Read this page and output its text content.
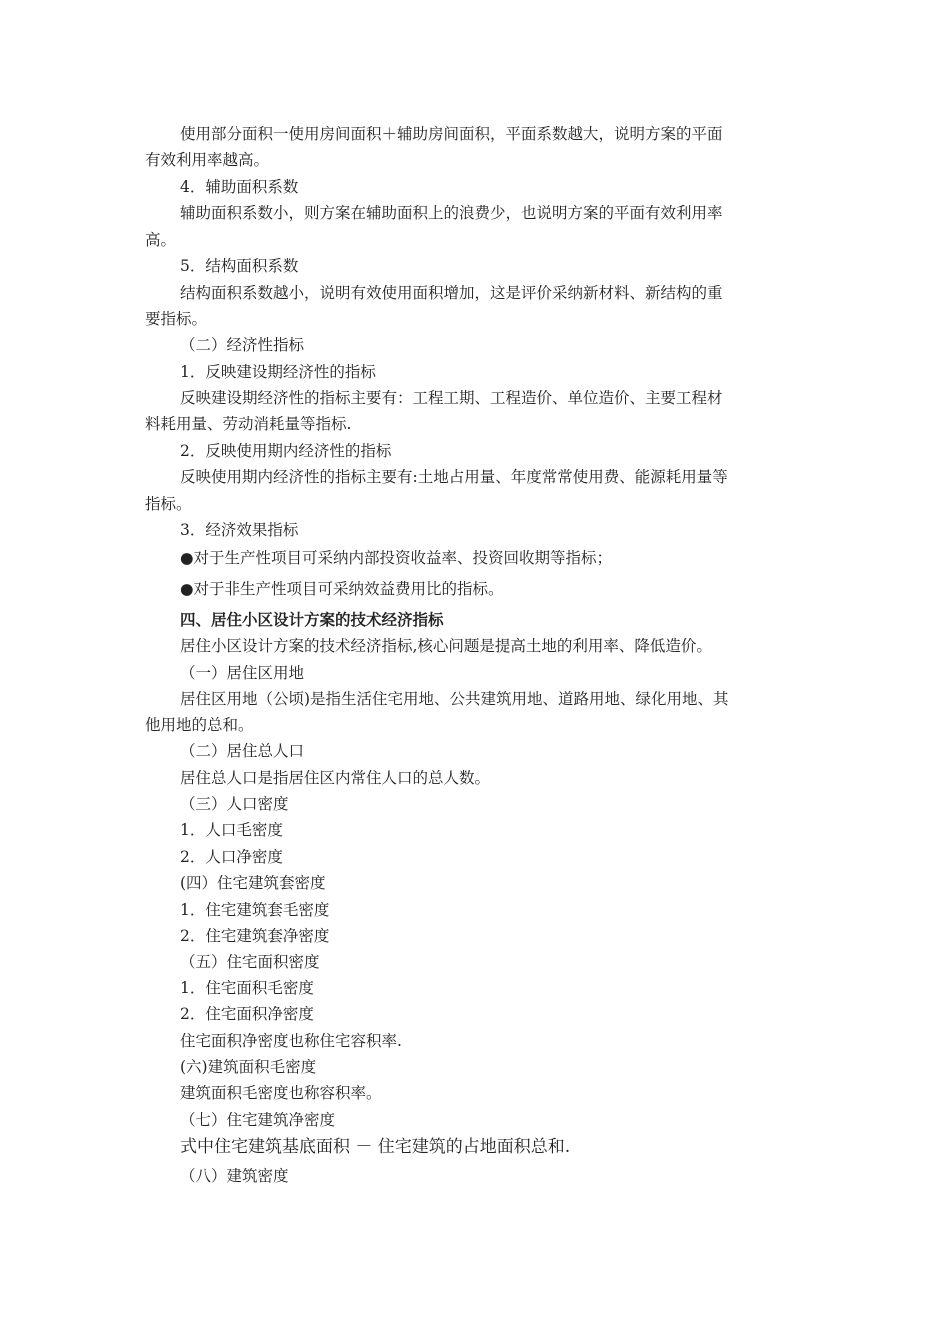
使用部分面积一使用房间面积＋辅助房间面积，平面系数越大，说明方案的平面
有效利用率越高。
4．辅助面积系数
辅助面积系数小，则方案在辅助面积上的浪费少，也说明方案的平面有效利用率
高。
5．结构面积系数
结构面积系数越小，说明有效使用面积增加，这是评价采纳新材料、新结构的重
要指标。
（二）经济性指标
1．反映建设期经济性的指标
反映建设期经济性的指标主要有：工程工期、工程造价、单位造价、主要工程材
料耗用量、劳动消耗量等指标.
2．反映使用期内经济性的指标
反映使用期内经济性的指标主要有:土地占用量、年度常常使用费、能源耗用量等
指标。
3．经济效果指标
●对于生产性项目可采纳内部投资收益率、投资回收期等指标；
●对于非生产性项目可采纳效益费用比的指标。
四、居住小区设计方案的技术经济指标
居住小区设计方案的技术经济指标,核心问题是提高土地的利用率、降低造价。
（一）居住区用地
居住区用地（公顷)是指生活住宅用地、公共建筑用地、道路用地、绿化用地、其
他用地的总和。
（二）居住总人口
居住总人口是指居住区内常住人口的总人数。
（三）人口密度
1．人口毛密度
2．人口净密度
(四）住宅建筑套密度
1．住宅建筑套毛密度
2．住宅建筑套净密度
（五）住宅面积密度
1．住宅面积毛密度
2．住宅面积净密度
住宅面积净密度也称住宅容积率.
(六)建筑面积毛密度
建筑面积毛密度也称容积率。
（七）住宅建筑净密度
式中住宅建筑基底面积 － 住宅建筑的占地面积总和.
（八）建筑密度
